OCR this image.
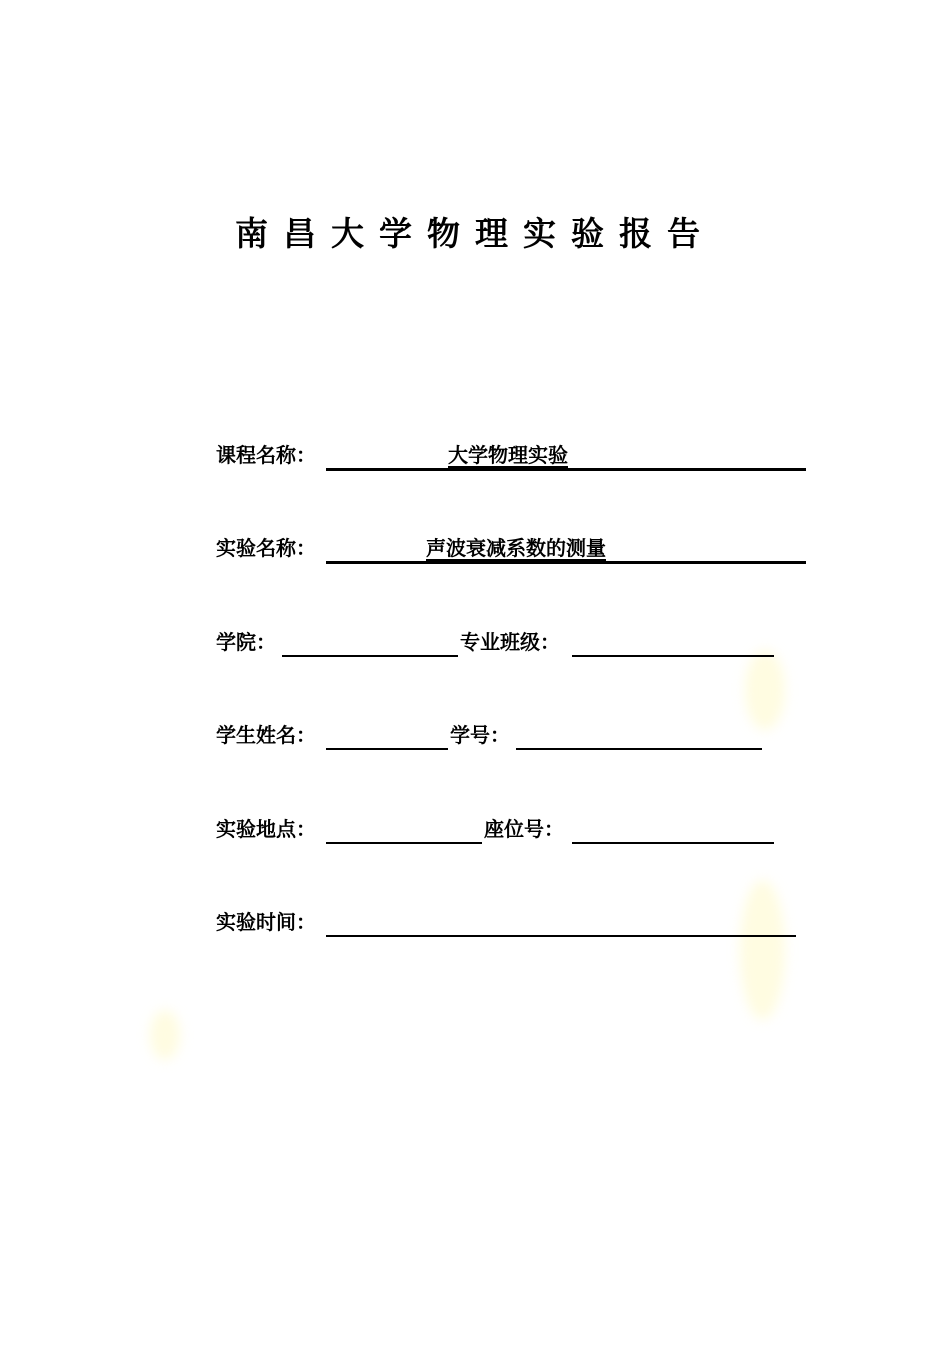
南昌大学物理实验报告
课程名称：	大学物理实验
实验名称：	声波衰减系数的测量
学院：	专业班级：
学生姓名：	学号：
实验地点：	座位号：
实验时间：
